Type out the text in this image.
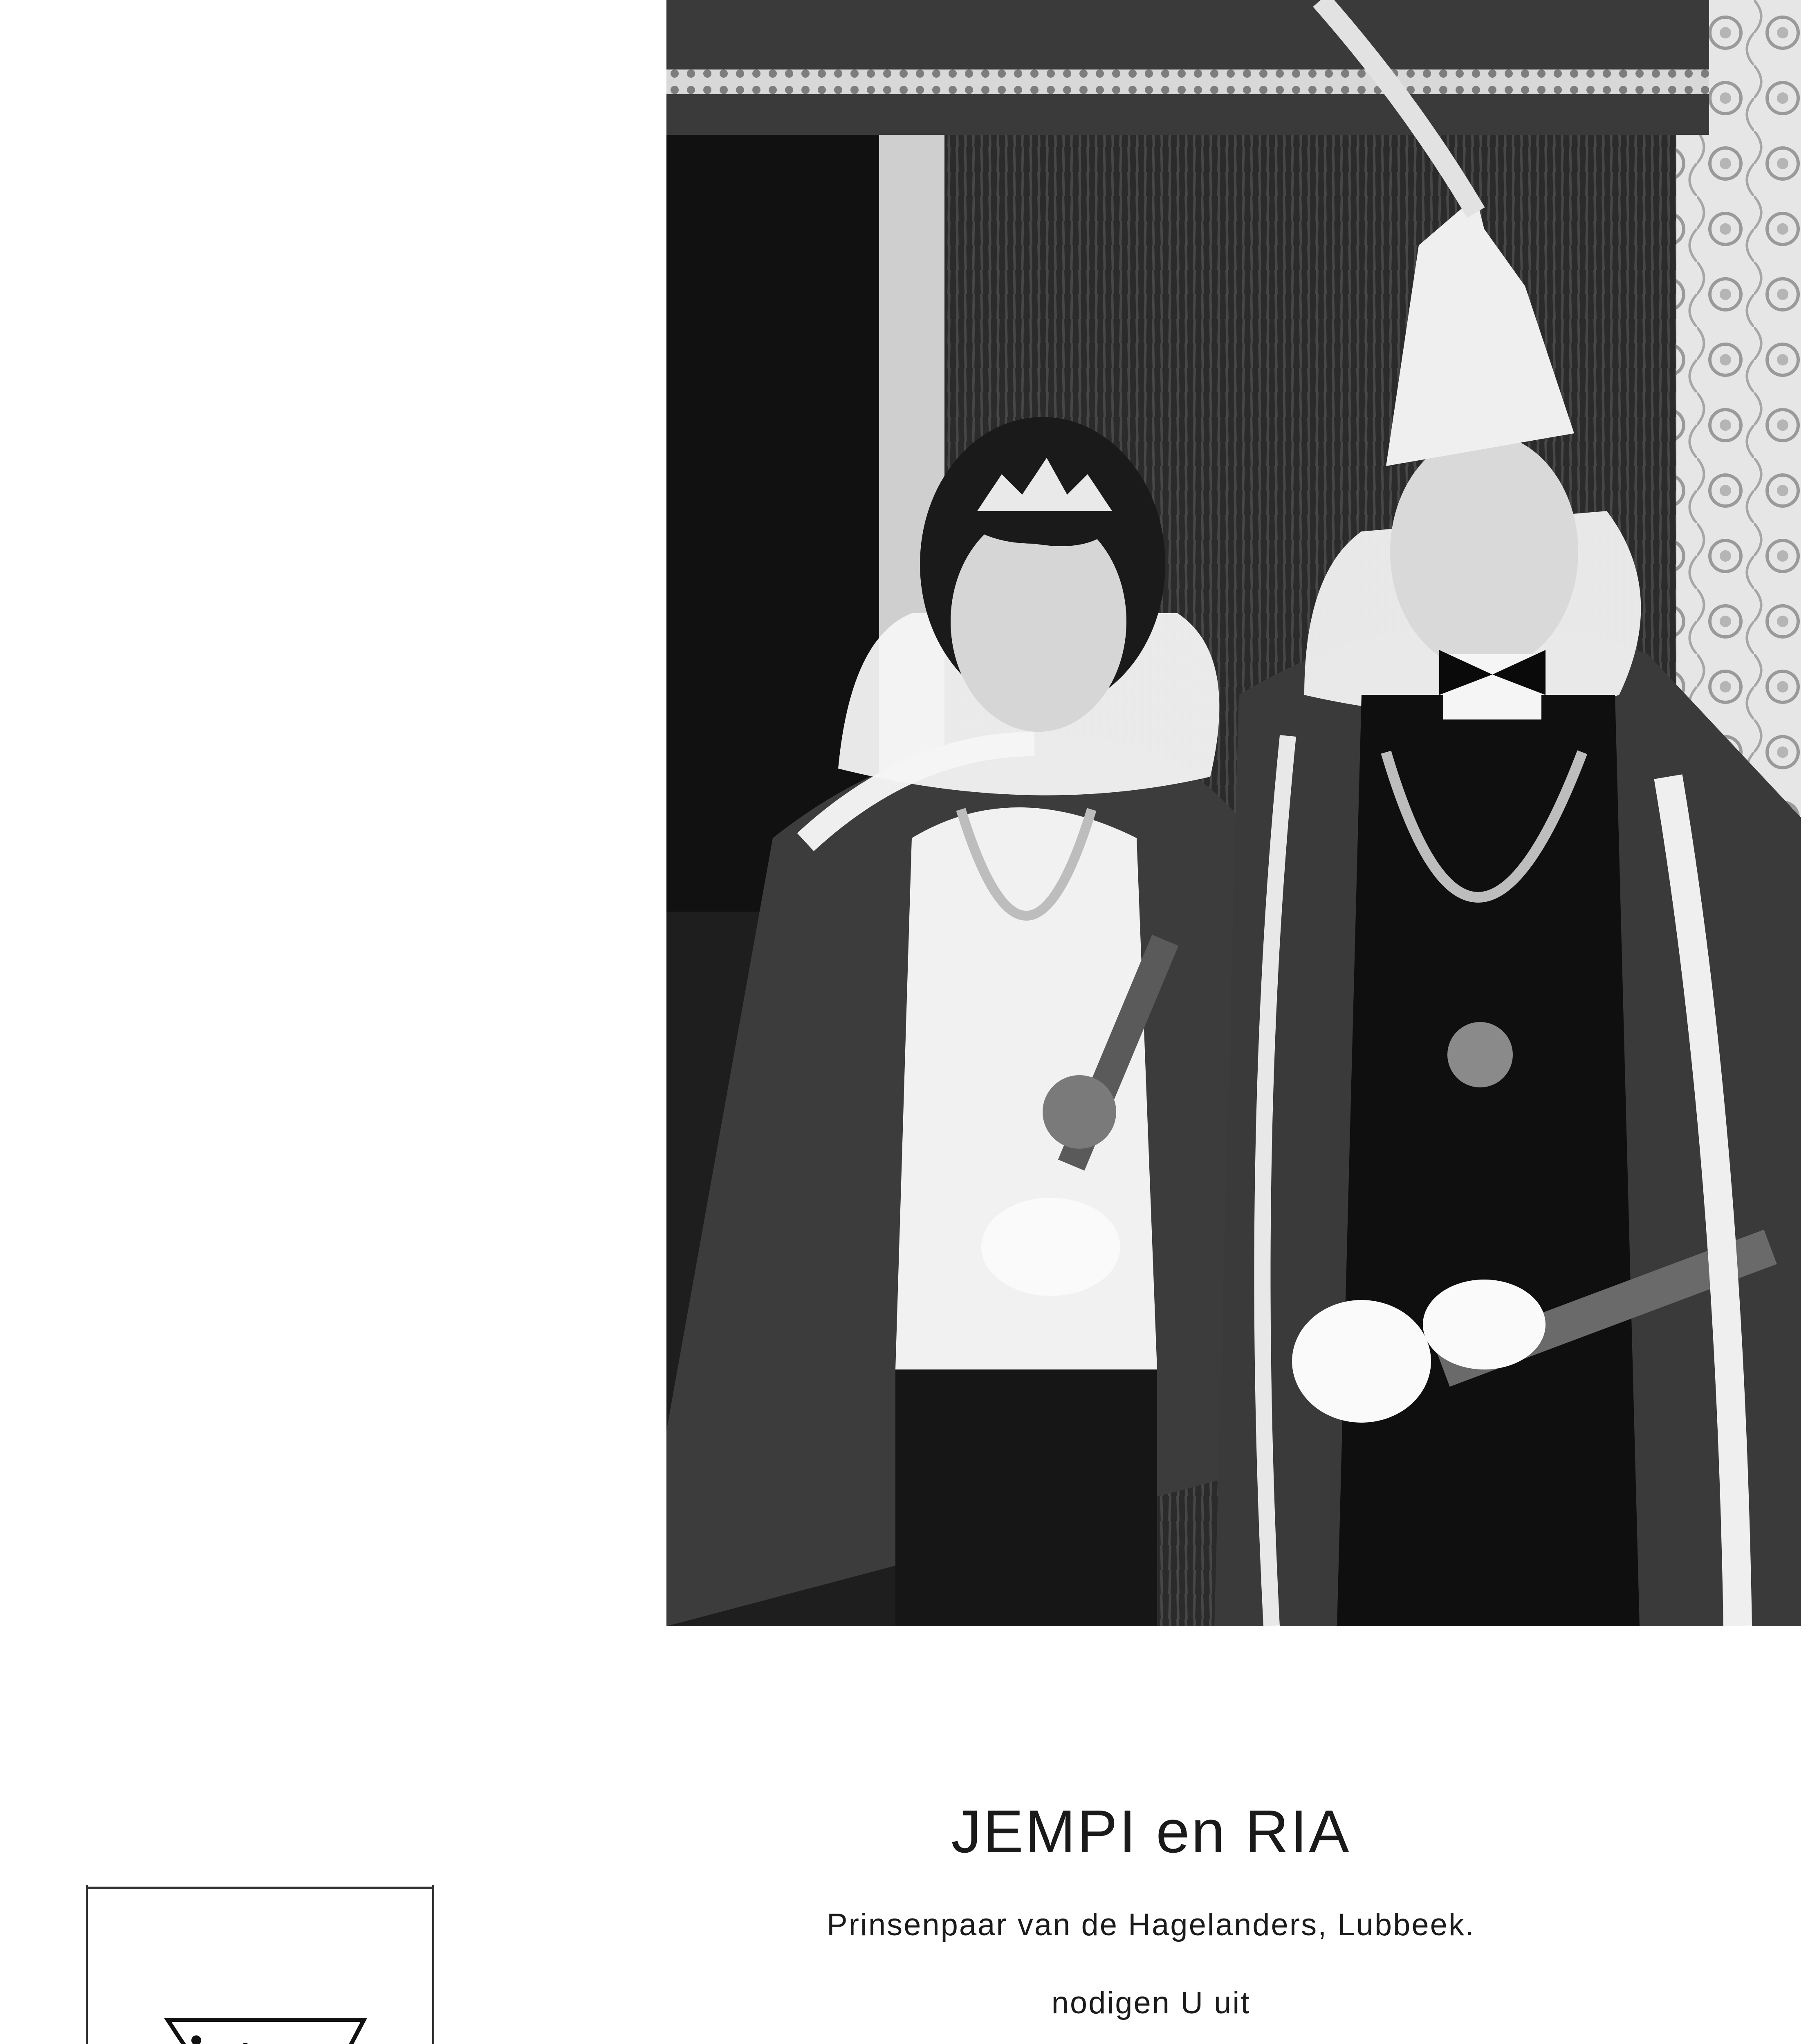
JEMPI en RIA
Prinsenpaar van de Hagelanders, Lubbeek.
nodigen U uit
